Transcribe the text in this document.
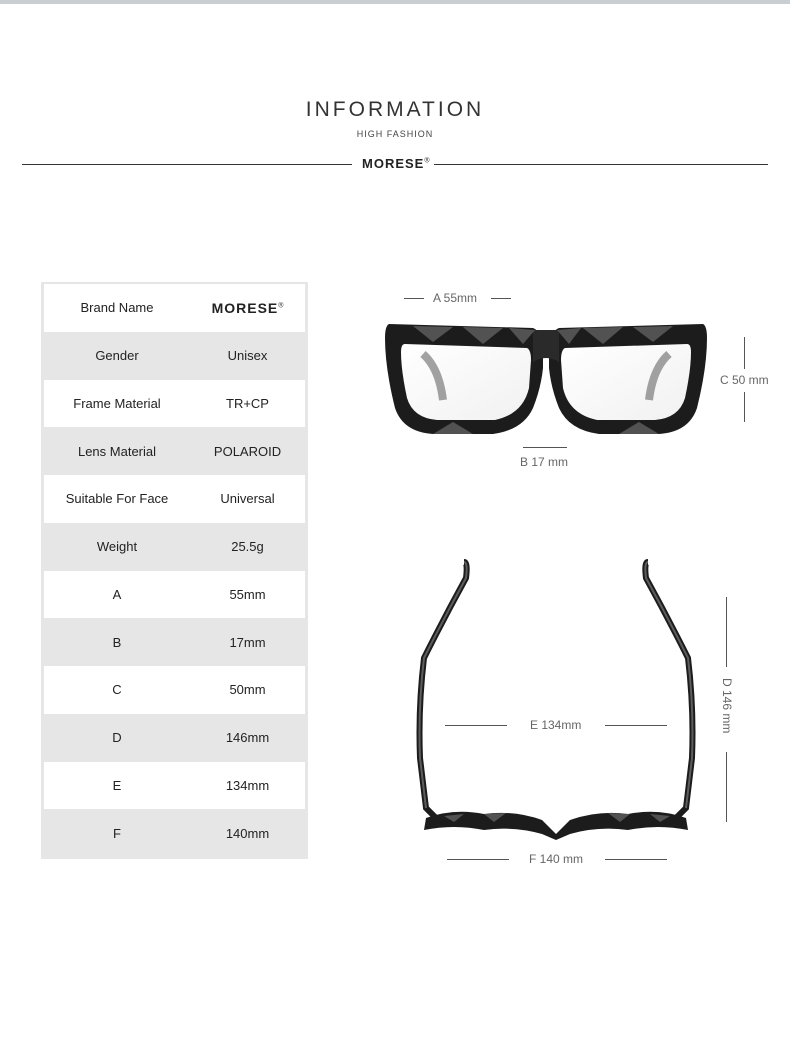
INFORMATION
HIGH FASHION
MORESE®
Brand Name	MORESE®
Gender	Unisex
Frame Material	TR+CP
Lens Material	POLAROID
Suitable For Face	Universal
Weight	25.5g
A	55mm
B	17mm
C	50mm
D	146mm
E	134mm
F	140mm
A 55mm
C 50 mm
B 17 mm
D 146 mm
E 134mm
F 140 mm
